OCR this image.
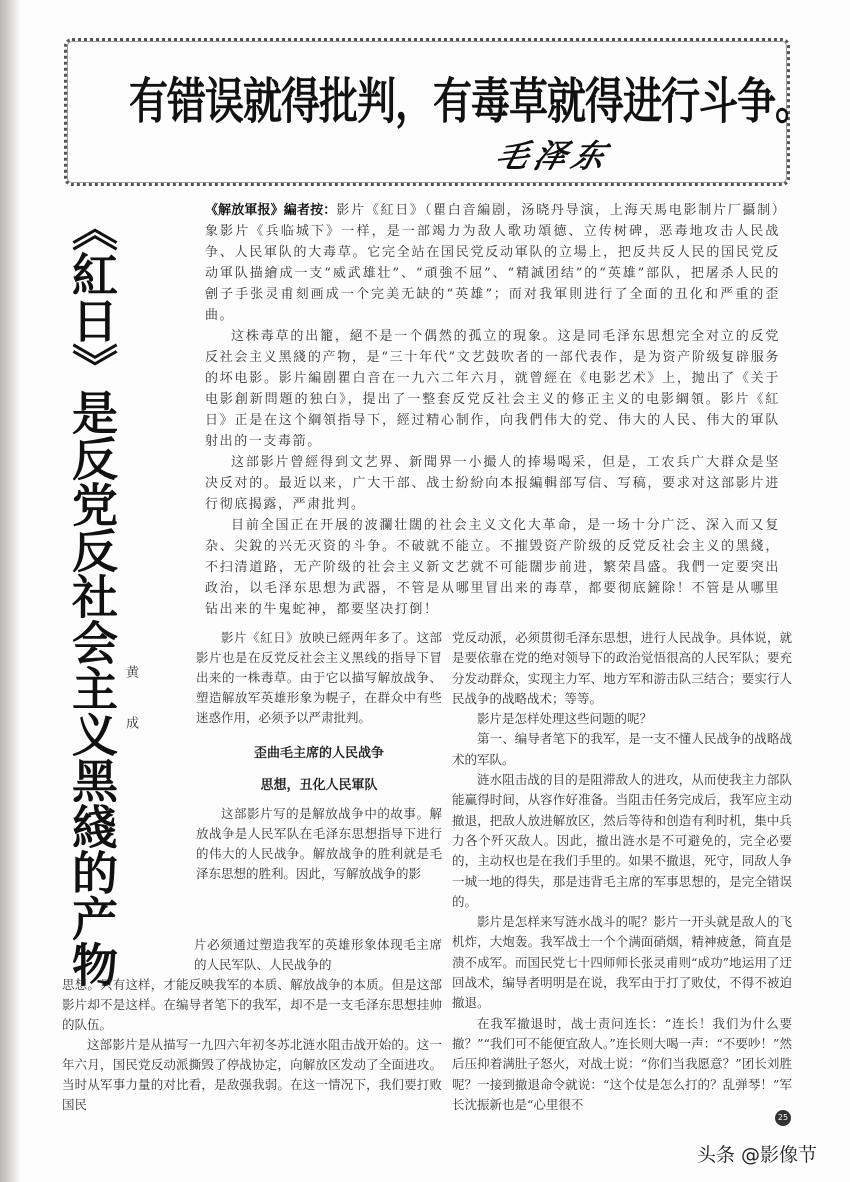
有错误就得批判，有毒草就得进行斗争。
毛泽东
《紅日》是反党反社会主义黑綫的产物 黄成

《解放軍报》編者按：影片《紅日》（瞿白音編剧，汤晓丹导演，上海天馬电影制片厂攝制）象影片《兵临城下》一样，是一部竭力为敌人歌功頌德、立传树碑，恶毒地攻击人民战争、人民軍队的大毒草。它完全站在国民党反动軍队的立場上，把反共反人民的国民党反动軍队描繪成一支“威武雄壮”、“頑強不屈”、“精誠团结”的“英雄”部队，把屠杀人民的劊子手张灵甫刻画成一个完美无缺的“英雄”；而对我軍則进行了全面的丑化和严重的歪曲。

这株毒草的出籠，絕不是一个偶然的孤立的現象。这是同毛泽东思想完全对立的反党反社会主义黑綫的产物，是“三十年代”文艺鼓吹者的一部代表作，是为资产阶级复辟服务的坏电影。影片編剧瞿白音在一九六二年六月，就曾經在《电影艺术》上，抛出了《关于电影創新問題的独白》，提出了一整套反党反社会主义的修正主义的电影綱領。影片《紅日》正是在这个綱領指导下，經过精心制作，向我們伟大的党、伟大的人民、伟大的軍队射出的一支毒箭。

这部影片曾經得到文艺界、新聞界一小撮人的捧場喝采，但是，工农兵广大群众是坚决反对的。最近以来，广大干部、战士紛紛向本报編輯部写信、写稿，要求对这部影片进行彻底揭露，严肃批判。

目前全国正在开展的波瀾壮闊的社会主义文化大革命，是一场十分广泛、深入而又复杂、尖銳的兴无灭资的斗争。不破就不能立。不摧毁资产阶级的反党反社会主义的黑綫，不扫清道路，无产阶级的社会主义新文艺就不可能闊步前进，繁荣昌盛。我們一定要突出政治，以毛泽东思想为武器，不管是从哪里冒出来的毒草，都要彻底鏟除！不管是从哪里钻出来的牛鬼蛇神，都要坚决打倒！

影片《紅日》放映已經两年多了。这部影片也是在反党反社会主义黑线的指导下冒出来的一株毒草。由于它以描写解放战争、塑造解放军英雄形象为幌子，在群众中有些迷惑作用，必须予以严肃批判。

歪曲毛主席的人民战争
思想，丑化人民軍队

这部影片写的是解放战争中的故事。解放战争是人民军队在毛泽东思想指导下进行的伟大的人民战争。解放战争的胜利就是毛泽东思想的胜利。因此，写解放战争的影

片必须通过塑造我军的英雄形象体现毛主席的人民军队、人民战争的

思想。只有这样，才能反映我军的本质、解放战争的本质。但是这部影片却不是这样。在编导者笔下的我军，却不是一支毛泽东思想挂帅的队伍。

这部影片是从描写一九四六年初冬苏北涟水阻击战开始的。这一年六月，国民党反动派撕毁了停战协定，向解放区发动了全面进攻。当时从军事力量的对比看，是敌强我弱。在这一情况下，我们要打败国民

党反动派，必须贯彻毛泽东思想，进行人民战争。具体说，就是要依靠在党的绝对领导下的政治觉悟很高的人民军队；要充分发动群众，实现主力军、地方军和游击队三结合；要实行人民战争的战略战术；等等。

影片是怎样处理这些问题的呢？

第一、编导者笔下的我军，是一支不懂人民战争的战略战术的军队。

涟水阻击战的目的是阻滞敌人的进攻，从而使我主力部队能赢得时间，从容作好准备。当阻击任务完成后，我军应主动撤退，把敌人放进解放区，然后等待和创造有利时机，集中兵力各个歼灭敌人。因此，撤出涟水是不可避免的，完全必要的，主动权也是在我们手里的。如果不撤退，死守，同敌人争一城一地的得失，那是违背毛主席的军事思想的，是完全错误的。

影片是怎样来写涟水战斗的呢？影片一开头就是敌人的飞机炸，大炮轰。我军战士一个个满面硝烟，精神疲惫，简直是溃不成军。而国民党七十四师师长张灵甫则“成功”地运用了迂回战术，编导者明明是在说，我军由于打了败仗，不得不被迫撤退。

在我军撤退时，战士责问连长：“连长！我们为什么要撤？”“我们可不能便宜敌人。”连长则大喝一声：“不要吵！”然后压抑着满肚子怒火，对战士说：“你们当我愿意？”团长刘胜呢？一接到撤退命令就说：“这个仗是怎么打的？乱弹琴！”军长沈振新也是“心里很不

25
头条 @影像节
